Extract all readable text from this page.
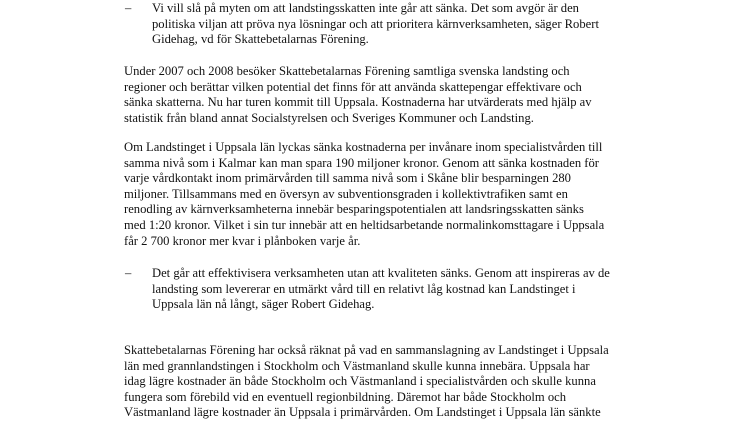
– Vi vill slå på myten om att landstingsskatten inte går att sänka. Det som avgör är den
politiska viljan att pröva nya lösningar och att prioritera kärnverksamheten, säger Robert
Gidehag, vd för Skattebetalarnas Förening.
Under 2007 och 2008 besöker Skattebetalarnas Förening samtliga svenska landsting och
regioner och berättar vilken potential det finns för att använda skattepengar effektivare och
sänka skatterna. Nu har turen kommit till Uppsala. Kostnaderna har utvärderats med hjälp av
statistik från bland annat Socialstyrelsen och Sveriges Kommuner och Landsting.
Om Landstinget i Uppsala län lyckas sänka kostnaderna per invånare inom specialistvården till
samma nivå som i Kalmar kan man spara 190 miljoner kronor. Genom att sänka kostnaden för
varje vårdkontakt inom primärvården till samma nivå som i Skåne blir besparningen 280
miljoner. Tillsammans med en översyn av subventionsgraden i kollektivtrafiken samt en
renodling av kärnverksamheterna innebär besparingspotentialen att landsringsskatten sänks
med 1:20 kronor. Vilket i sin tur innebär att en heltidsarbetande normalinkomsttagare i Uppsala
får 2 700 kronor mer kvar i plånboken varje år.
– Det går att effektivisera verksamheten utan att kvaliteten sänks. Genom att inspireras av de
landsting som levererar en utmärkt vård till en relativt låg kostnad kan Landstinget i
Uppsala län nå långt, säger Robert Gidehag.
Skattebetalarnas Förening har också räknat på vad en sammanslagning av Landstinget i Uppsala
län med grannlandstingen i Stockholm och Västmanland skulle kunna innebära. Uppsala har
idag lägre kostnader än både Stockholm och Västmanland i specialistvården och skulle kunna
fungera som förebild vid en eventuell regionbildning. Däremot har både Stockholm och
Västmanland lägre kostnader än Uppsala i primärvården. Om Landstinget i Uppsala län sänkte
